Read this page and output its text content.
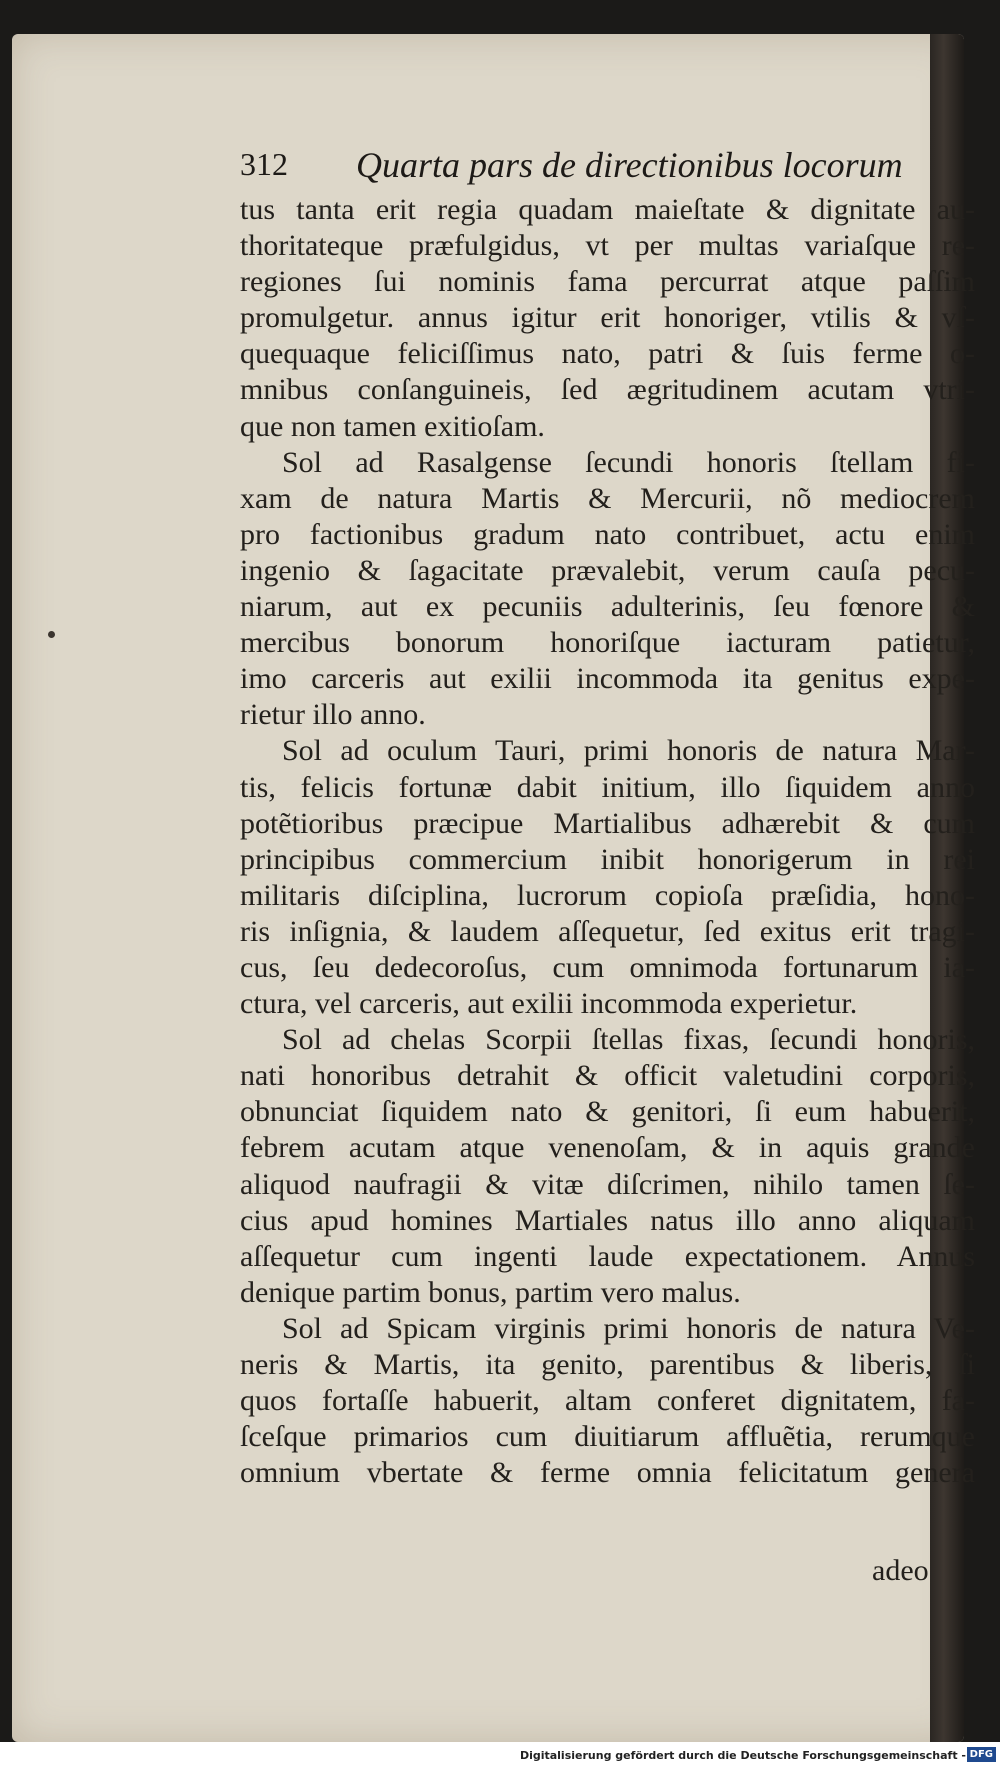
312 Quarta pars de directionibus locorum
tus tanta erit regia quadam maieſtate & dignitate au-
thoritateque præfulgidus, vt per multas variaſque re-
regiones ſui nominis fama percurrat atque paſſim
promulgetur. annus igitur erit honoriger, vtilis & vſ-
quequaque feliciſſimus nato, patri & ſuis ferme o-
mnibus conſanguineis, ſed ægritudinem acutam vtri-
que non tamen exitioſam.
Sol ad Rasalgense ſecundi honoris ſtellam fi-
xam de natura Martis & Mercurii, nõ mediocrem
pro factionibus gradum nato contribuet, actu enim
ingenio & ſagacitate prævalebit, verum cauſa pecu-
niarum, aut ex pecuniis adulterinis, ſeu fœnore &
mercibus bonorum honoriſque iacturam patietur,
imo carceris aut exilii incommoda ita genitus expe-
rietur illo anno.
Sol ad oculum Tauri, primi honoris de natura Mar-
tis, felicis fortunæ dabit initium, illo ſiquidem anno
potẽtioribus præcipue Martialibus adhærebit & cum
principibus commercium inibit honorigerum in rei
militaris diſciplina, lucrorum copioſa præſidia, hono-
ris inſignia, & laudem aſſequetur, ſed exitus erit tragi-
cus, ſeu dedecoroſus, cum omnimoda fortunarum ia-
ctura, vel carceris, aut exilii incommoda experietur.
Sol ad chelas Scorpii ſtellas fixas, ſecundi honoris,
nati honoribus detrahit & officit valetudini corporis,
obnunciat ſiquidem nato & genitori, ſi eum habuerit,
febrem acutam atque venenoſam, & in aquis grande
aliquod naufragii & vitæ diſcrimen, nihilo tamen ſe-
cius apud homines Martiales natus illo anno aliquam
aſſequetur cum ingenti laude expectationem. Annus
denique partim bonus, partim vero malus.
Sol ad Spicam virginis primi honoris de natura Ve-
neris & Martis, ita genito, parentibus & liberis, ſi
quos fortaſſe habuerit, altam conferet dignitatem, fa-
ſceſque primarios cum diuitiarum affluẽtia, rerumque
omnium vbertate & ferme omnia felicitatum genera
adeo
Digitalisierung gefördert durch die Deutsche Forschungsgemeinschaft - DFG
